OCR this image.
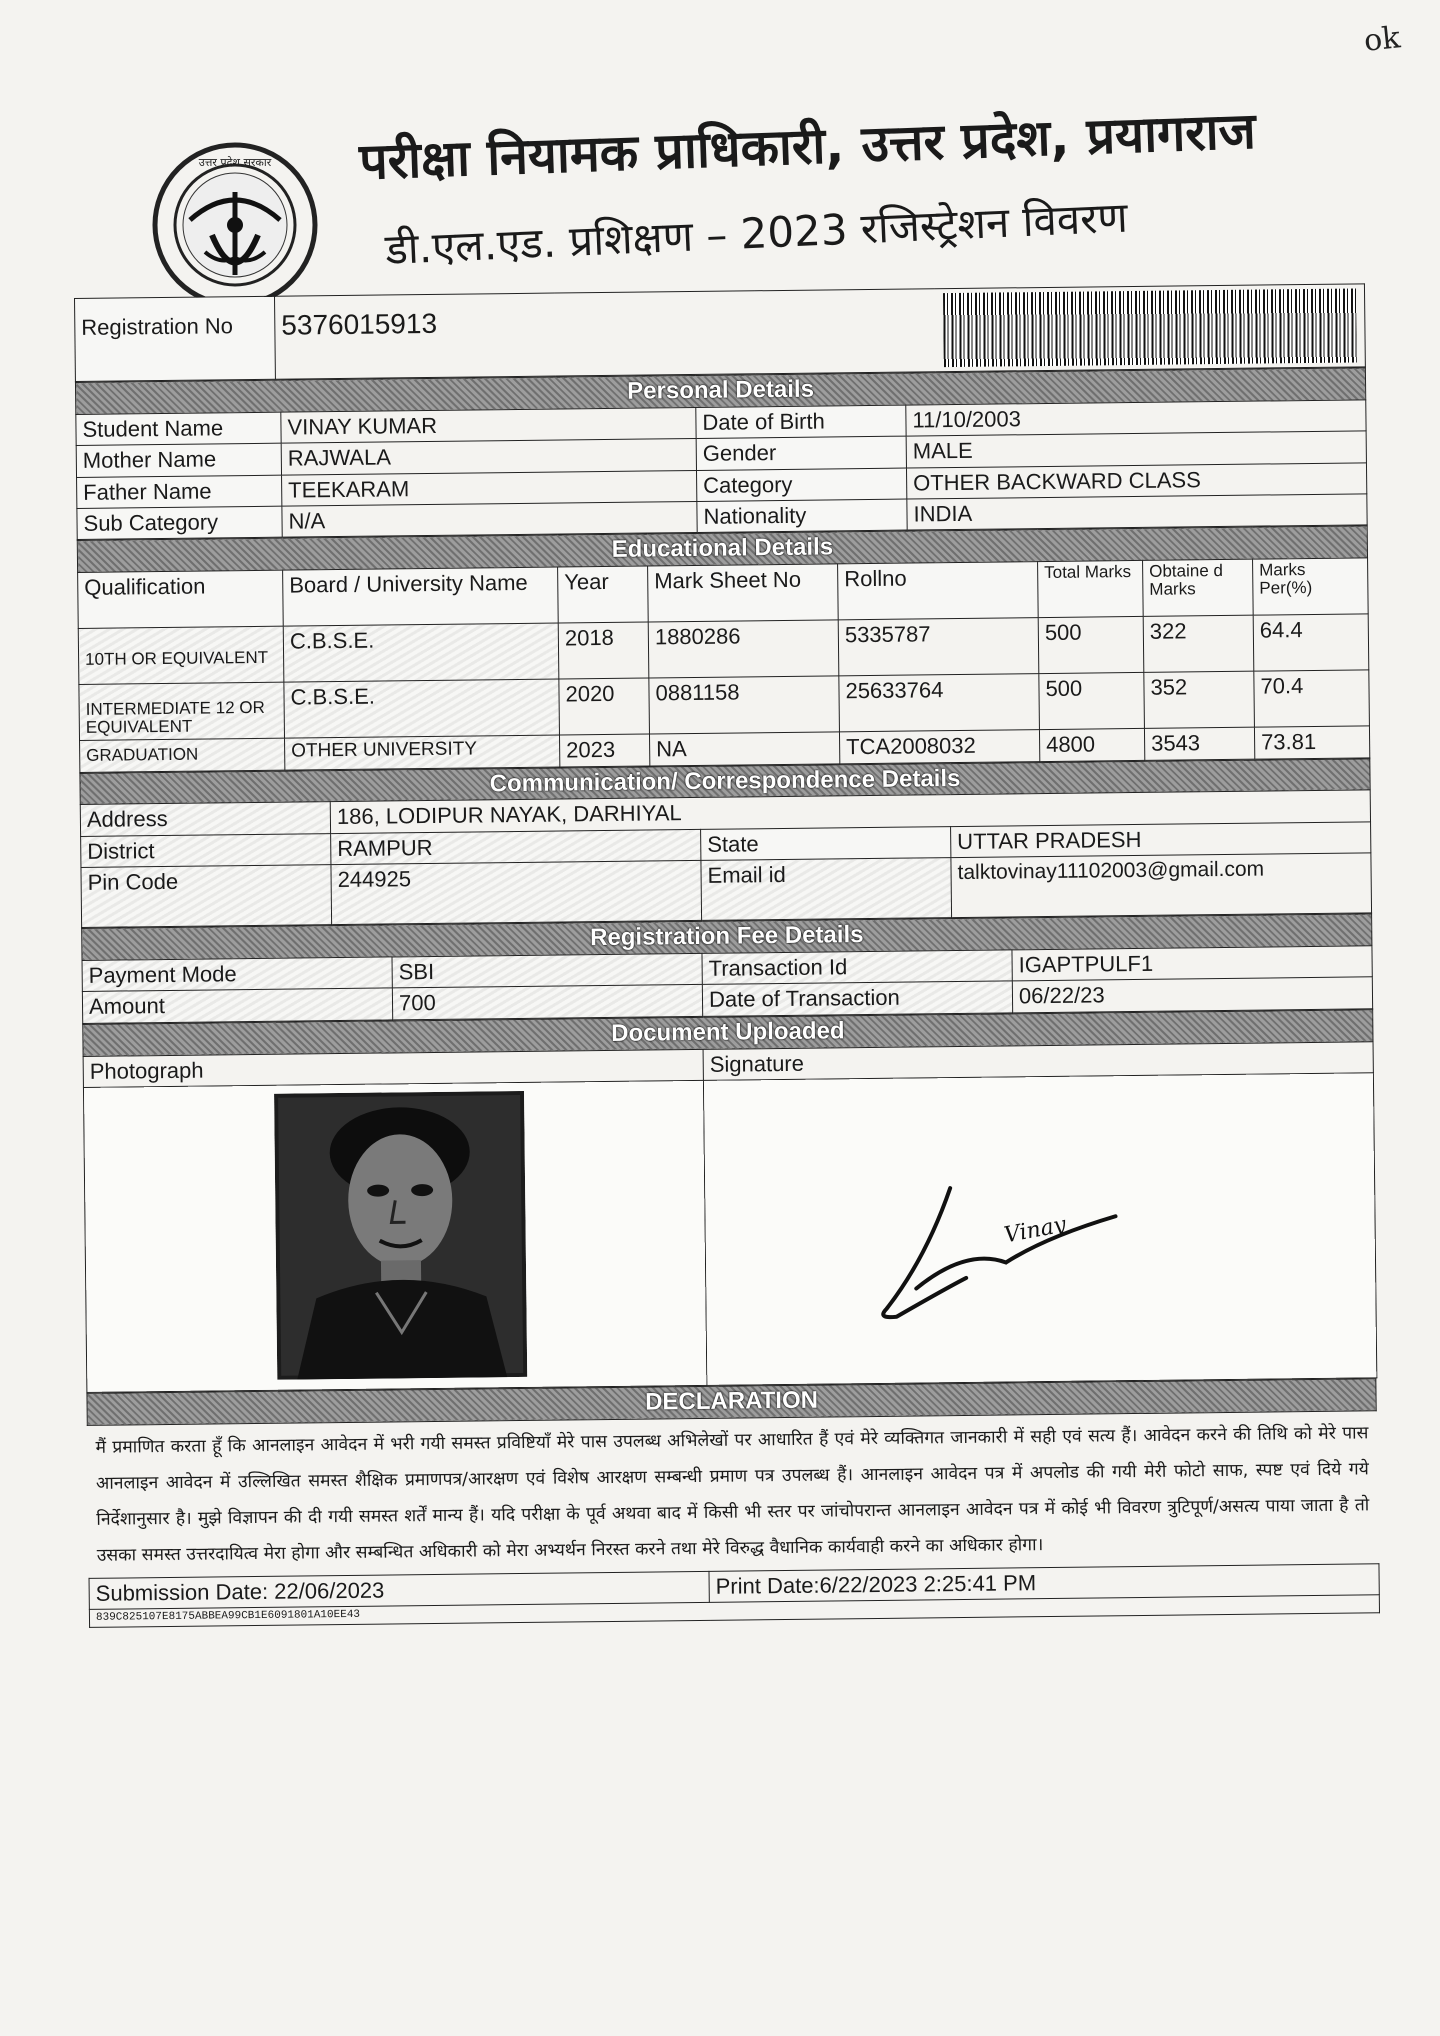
ok
उत्तर प्रदेश सरकार परीक्षा नियामक प्राधिकारी, उत्तर प्रदेश, प्रयागराज
डी.एल.एड. प्रशिक्षण – 2023 रजिस्ट्रेशन विवरण
Registration No	5376015913	
Personal Details			
Student Name	VINAY KUMAR	Date of Birth	11/10/2003
Mother Name	RAJWALA	Gender	MALE
Father Name	TEEKARAM	Category	OTHER BACKWARD CLASS
Sub Category	N/A	Nationality	INDIA
Educational Details							
Qualification	Board / University Name	Year	Mark Sheet No	Rollno	Total Marks	Obtaine d Marks	Marks Per(%)
10TH OR EQUIVALENT	C.B.S.E.	2018	1880286	5335787	500	322	64.4
INTERMEDIATE 12 OR EQUIVALENT	C.B.S.E.	2020	0881158	25633764	500	352	70.4
GRADUATION	OTHER UNIVERSITY	2023	NA	TCA2008032	4800	3543	73.81
Communication/ Correspondence Details			
Address	186, LODIPUR NAYAK, DARHIYAL		
District	RAMPUR	State	UTTAR PRADESH
Pin Code	244925	Email id	talktovinay11102003@gmail.com
Registration Fee Details			
Payment Mode	SBI	Transaction Id	IGAPTPULF1
Amount	700	Date of Transaction	06/22/23
Document Uploaded	
Photograph	Signature

Vinay
DECLARATION
मैं प्रमाणित करता हूँ कि आनलाइन आवेदन में भरी गयी समस्त प्रविष्टियाँ मेरे पास उपलब्ध अभिलेखों पर आधारित हैं एवं मेरे व्यक्तिगत जानकारी में सही एवं सत्य हैं। आवेदन करने की तिथि को मेरे पास आनलाइन आवेदन में उल्लिखित समस्त शैक्षिक प्रमाणपत्र/आरक्षण एवं विशेष आरक्षण सम्बन्धी प्रमाण पत्र उपलब्ध हैं। आनलाइन आवेदन पत्र में अपलोड की गयी मेरी फोटो साफ, स्पष्ट एवं दिये गये निर्देशानुसार है। मुझे विज्ञापन की दी गयी समस्त शर्तें मान्य हैं। यदि परीक्षा के पूर्व अथवा बाद में किसी भी स्तर पर जांचोपरान्त आनलाइन आवेदन पत्र में कोई भी विवरण त्रुटिपूर्ण/असत्य पाया जाता है तो उसका समस्त उत्तरदायित्व मेरा होगा और सम्बन्धित अधिकारी को मेरा अभ्यर्थन निरस्त करने तथा मेरे विरुद्ध वैधानिक कार्यवाही करने का अधिकार होगा।
Submission Date: 22/06/2023	Print Date:6/22/2023 2:25:41 PM
839C825107E8175ABBEA99CB1E6091801A10EE43
